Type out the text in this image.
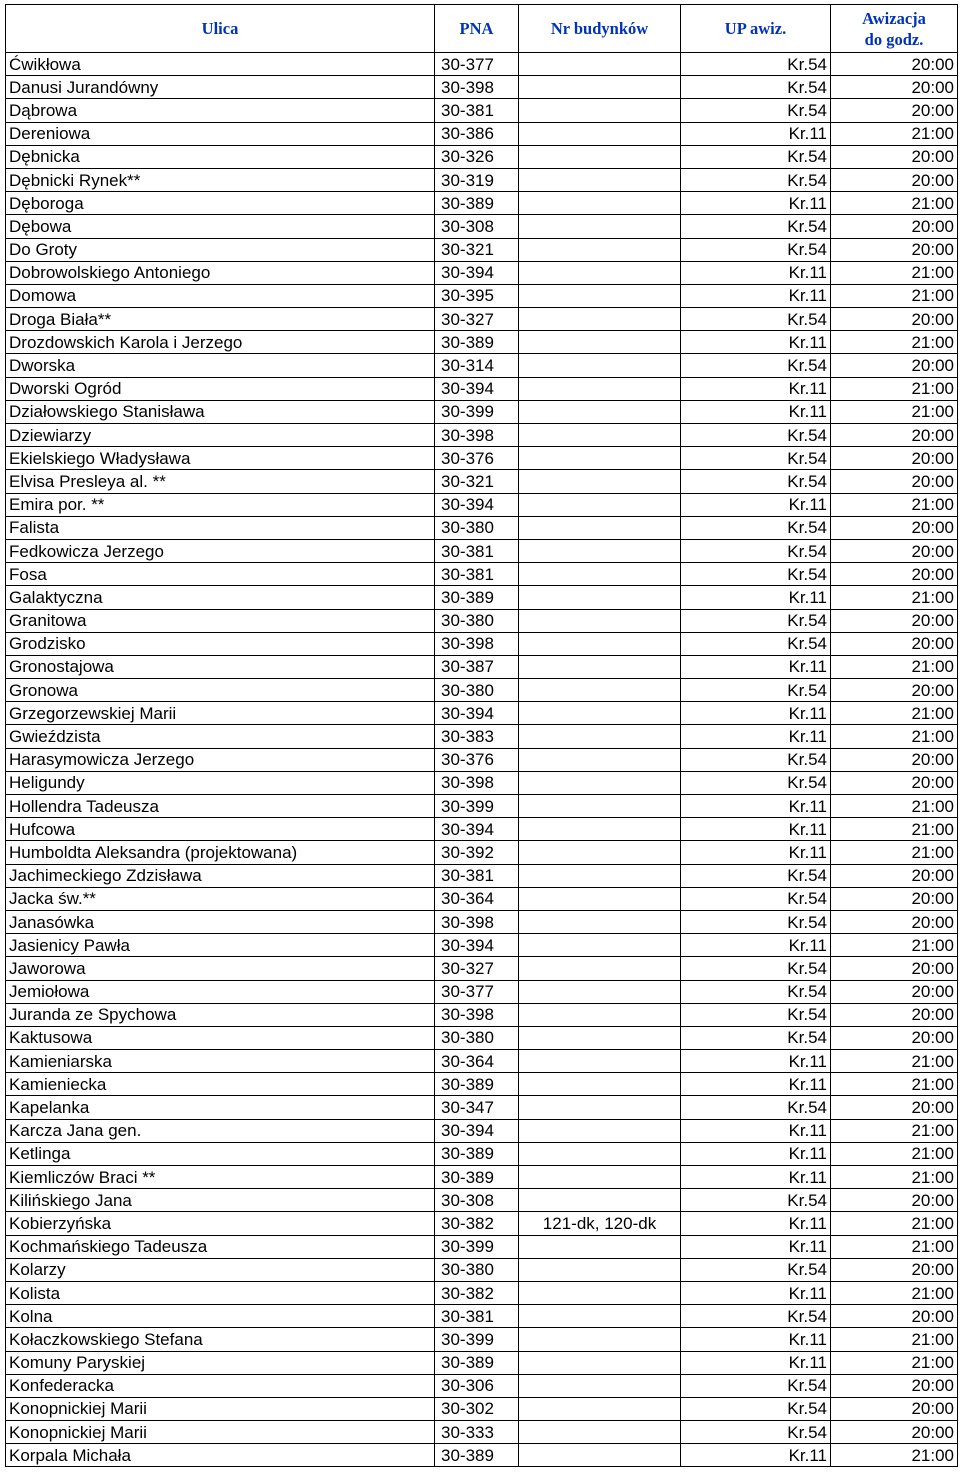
Ulica	PNA	Nr budynków	UP awiz.	Awizacja
do godz.
Ćwikłowa	30-377		Kr.54	20:00
Danusi Jurandówny	30-398		Kr.54	20:00
Dąbrowa	30-381		Kr.54	20:00
Dereniowa	30-386		Kr.11	21:00
Dębnicka	30-326		Kr.54	20:00
Dębnicki Rynek**	30-319		Kr.54	20:00
Dęboroga	30-389		Kr.11	21:00
Dębowa	30-308		Kr.54	20:00
Do Groty	30-321		Kr.54	20:00
Dobrowolskiego Antoniego	30-394		Kr.11	21:00
Domowa	30-395		Kr.11	21:00
Droga Biała**	30-327		Kr.54	20:00
Drozdowskich Karola i Jerzego	30-389		Kr.11	21:00
Dworska	30-314		Kr.54	20:00
Dworski Ogród	30-394		Kr.11	21:00
Działowskiego Stanisława	30-399		Kr.11	21:00
Dziewiarzy	30-398		Kr.54	20:00
Ekielskiego Władysława	30-376		Kr.54	20:00
Elvisa Presleya al. **	30-321		Kr.54	20:00
Emira por. **	30-394		Kr.11	21:00
Falista	30-380		Kr.54	20:00
Fedkowicza Jerzego	30-381		Kr.54	20:00
Fosa	30-381		Kr.54	20:00
Galaktyczna	30-389		Kr.11	21:00
Granitowa	30-380		Kr.54	20:00
Grodzisko	30-398		Kr.54	20:00
Gronostajowa	30-387		Kr.11	21:00
Gronowa	30-380		Kr.54	20:00
Grzegorzewskiej Marii	30-394		Kr.11	21:00
Gwieździsta	30-383		Kr.11	21:00
Harasymowicza Jerzego	30-376		Kr.54	20:00
Heligundy	30-398		Kr.54	20:00
Hollendra Tadeusza	30-399		Kr.11	21:00
Hufcowa	30-394		Kr.11	21:00
Humboldta Aleksandra (projektowana)	30-392		Kr.11	21:00
Jachimeckiego Zdzisława	30-381		Kr.54	20:00
Jacka św.**	30-364		Kr.54	20:00
Janasówka	30-398		Kr.54	20:00
Jasienicy Pawła	30-394		Kr.11	21:00
Jaworowa	30-327		Kr.54	20:00
Jemiołowa	30-377		Kr.54	20:00
Juranda ze Spychowa	30-398		Kr.54	20:00
Kaktusowa	30-380		Kr.54	20:00
Kamieniarska	30-364		Kr.11	21:00
Kamieniecka	30-389		Kr.11	21:00
Kapelanka	30-347		Kr.54	20:00
Karcza Jana gen.	30-394		Kr.11	21:00
Ketlinga	30-389		Kr.11	21:00
Kiemliczów Braci **	30-389		Kr.11	21:00
Kilińskiego Jana	30-308		Kr.54	20:00
Kobierzyńska	30-382	121-dk, 120-dk	Kr.11	21:00
Kochmańskiego Tadeusza	30-399		Kr.11	21:00
Kolarzy	30-380		Kr.54	20:00
Kolista	30-382		Kr.11	21:00
Kolna	30-381		Kr.54	20:00
Kołaczkowskiego Stefana	30-399		Kr.11	21:00
Komuny Paryskiej	30-389		Kr.11	21:00
Konfederacka	30-306		Kr.54	20:00
Konopnickiej Marii	30-302		Kr.54	20:00
Konopnickiej Marii	30-333		Kr.54	20:00
Korpala Michała	30-389		Kr.11	21:00
